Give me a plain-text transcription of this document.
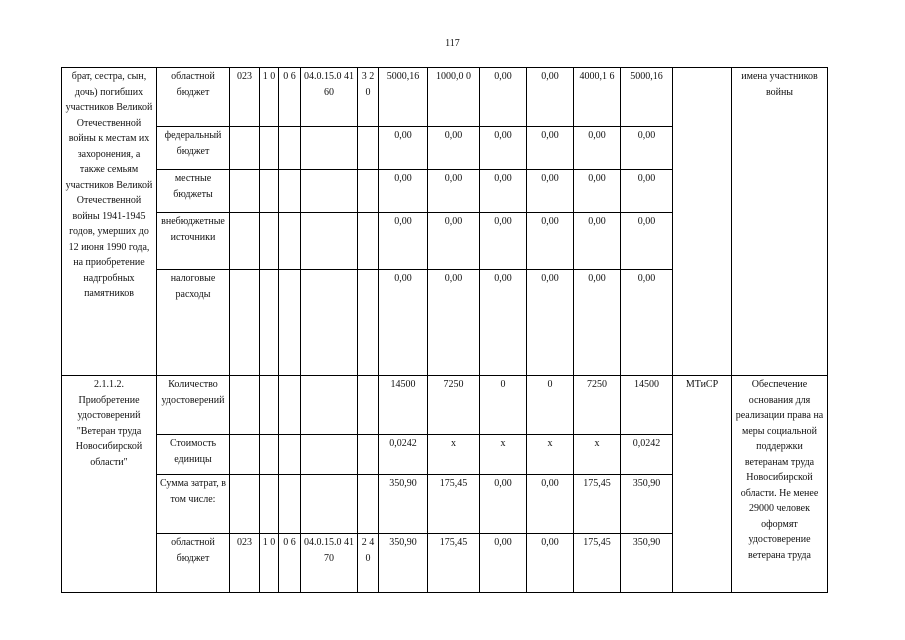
117
брат, сестра, сын, дочь) погибших участников Великой Отечественной войны к местам их захоронения, а также семьям участников Великой Отечественной войны 1941-1945 годов, умерших до 12 июня 1990 года, на приобретение надгробных памятников	областной бюджет	023	1 0	0 6	04.0.15.0 4160	3 2 0	5000,16	1000,0 0	0,00	0,00	4000,1 6	5000,16		имена участников войны
	федеральный бюджет						0,00	0,00	0,00	0,00	0,00	0,00		
	местные бюджеты						0,00	0,00	0,00	0,00	0,00	0,00		
	внебюджетные источники						0,00	0,00	0,00	0,00	0,00	0,00		
	налоговые расходы						0,00	0,00	0,00	0,00	0,00	0,00		
2.1.1.2. Приобретение удостоверений "Ветеран труда Новосибирской области"	Количество удостоверений						14500	7250	0	0	7250	14500	МТиСР	Обеспечение основания для реализации права на меры социальной поддержки ветеранам труда Новосибирской области. Не менее 29000 человек оформят удостоверение ветерана труда
	Стоимость единицы						0,0242	x	x	x	x	0,0242		
	Сумма затрат, в том числе:						350,90	175,45	0,00	0,00	175,45	350,90		
	областной бюджет	023	1 0	0 6	04.0.15.0 4170	2 4 0	350,90	175,45	0,00	0,00	175,45	350,90		
